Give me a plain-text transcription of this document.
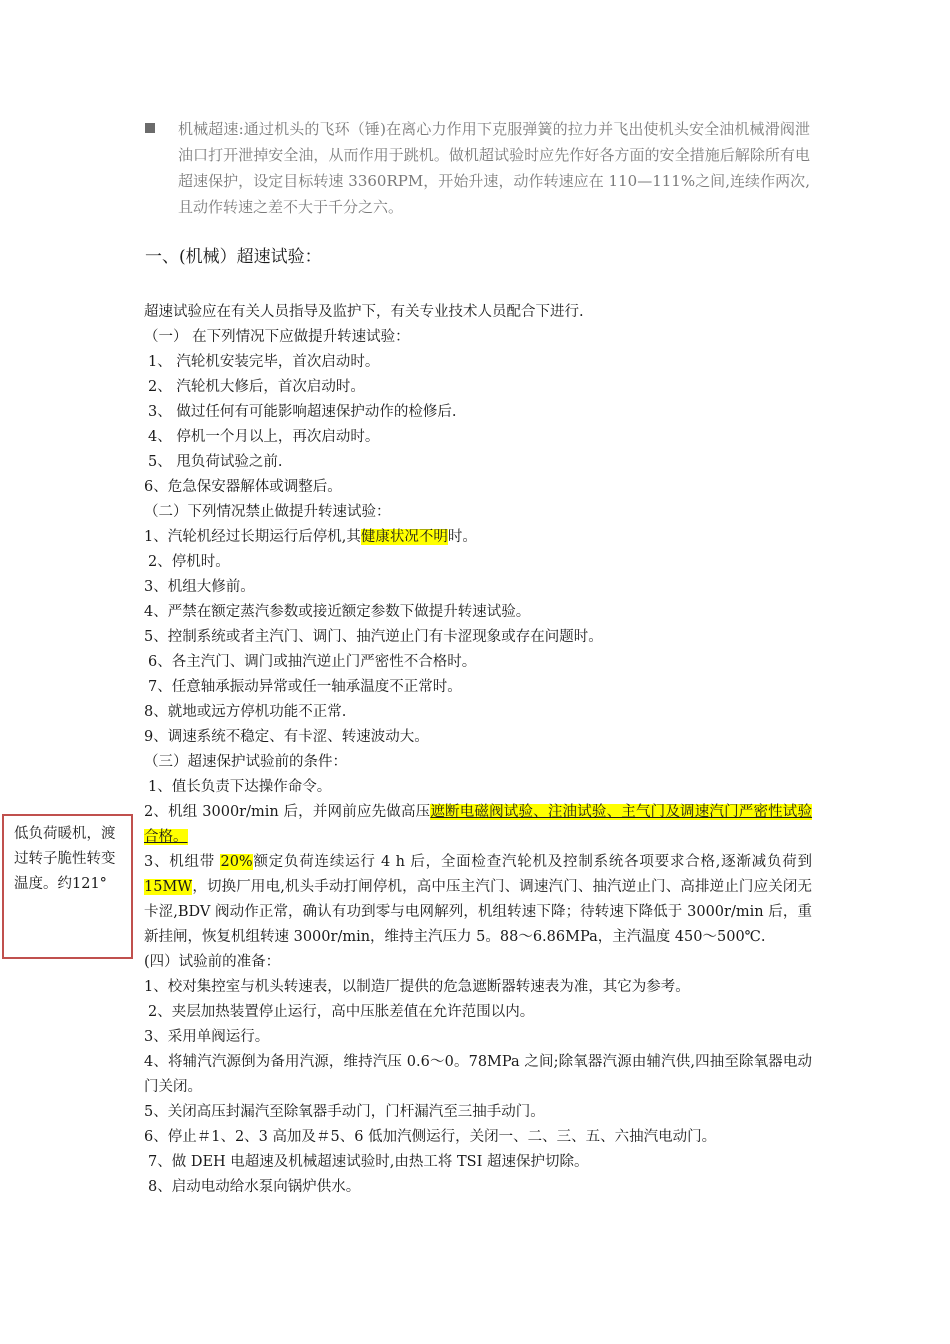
机械超速:通过机头的飞环（锤)在离心力作用下克服弹簧的拉力并飞出使机头安全油机械滑阀泄油口打开泄掉安全油，从而作用于跳机。做机超试验时应先作好各方面的安全措施后解除所有电超速保护，设定目标转速 3360RPM，开始升速，动作转速应在 110—111%之间,连续作两次,且动作转速之差不大于千分之六。
一、(机械）超速试验：
超速试验应在有关人员指导及监护下，有关专业技术人员配合下进行.
（一） 在下列情况下应做提升转速试验：
1、 汽轮机安装完毕，首次启动时。
2、 汽轮机大修后，首次启动时。
3、 做过任何有可能影响超速保护动作的检修后.
4、 停机一个月以上，再次启动时。
5、 甩负荷试验之前.
6、危急保安器解体或调整后。
（二）下列情况禁止做提升转速试验：
1、汽轮机经过长期运行后停机,其健康状况不明时。
2、停机时。
3、机组大修前。
4、严禁在额定蒸汽参数或接近额定参数下做提升转速试验。
5、控制系统或者主汽门、调门、抽汽逆止门有卡涩现象或存在问题时。
6、各主汽门、调门或抽汽逆止门严密性不合格时。
7、任意轴承振动异常或任一轴承温度不正常时。
8、就地或远方停机功能不正常.
9、调速系统不稳定、有卡涩、转速波动大。
（三）超速保护试验前的条件：
1、值长负责下达操作命令。
2、机组 3000r/min 后，并网前应先做高压遮断电磁阀试验、注油试验、主气门及调速汽门严密性试验合格。
3、机组带 20%额定负荷连续运行 4 h 后，全面检查汽轮机及控制系统各项要求合格,逐渐减负荷到 15MW，切换厂用电,机头手动打闸停机，高中压主汽门、调速汽门、抽汽逆止门、高排逆止门应关闭无卡涩,BDV 阀动作正常，确认有功到零与电网解列，机组转速下降；待转速下降低于 3000r/min 后，重新挂闸，恢复机组转速 3000r/min，维持主汽压力 5。88～6.86MPa，主汽温度 450～500℃.
(四）试验前的准备：
1、校对集控室与机头转速表，以制造厂提供的危急遮断器转速表为准，其它为参考。
2、夹层加热装置停止运行，高中压胀差值在允许范围以内。
3、采用单阀运行。
4、将辅汽汽源倒为备用汽源，维持汽压 0.6～0。78MPa 之间;除氧器汽源由辅汽供,四抽至除氧器电动门关闭。
5、关闭高压封漏汽至除氧器手动门，门杆漏汽至三抽手动门。
6、停止＃1、2、3 高加及＃5、6 低加汽侧运行，关闭一、二、三、五、六抽汽电动门。
7、做 DEH 电超速及机械超速试验时,由热工将 TSI 超速保护切除。
8、启动电动给水泵向锅炉供水。
低负荷暖机，渡过转子脆性转变温度。约121°
